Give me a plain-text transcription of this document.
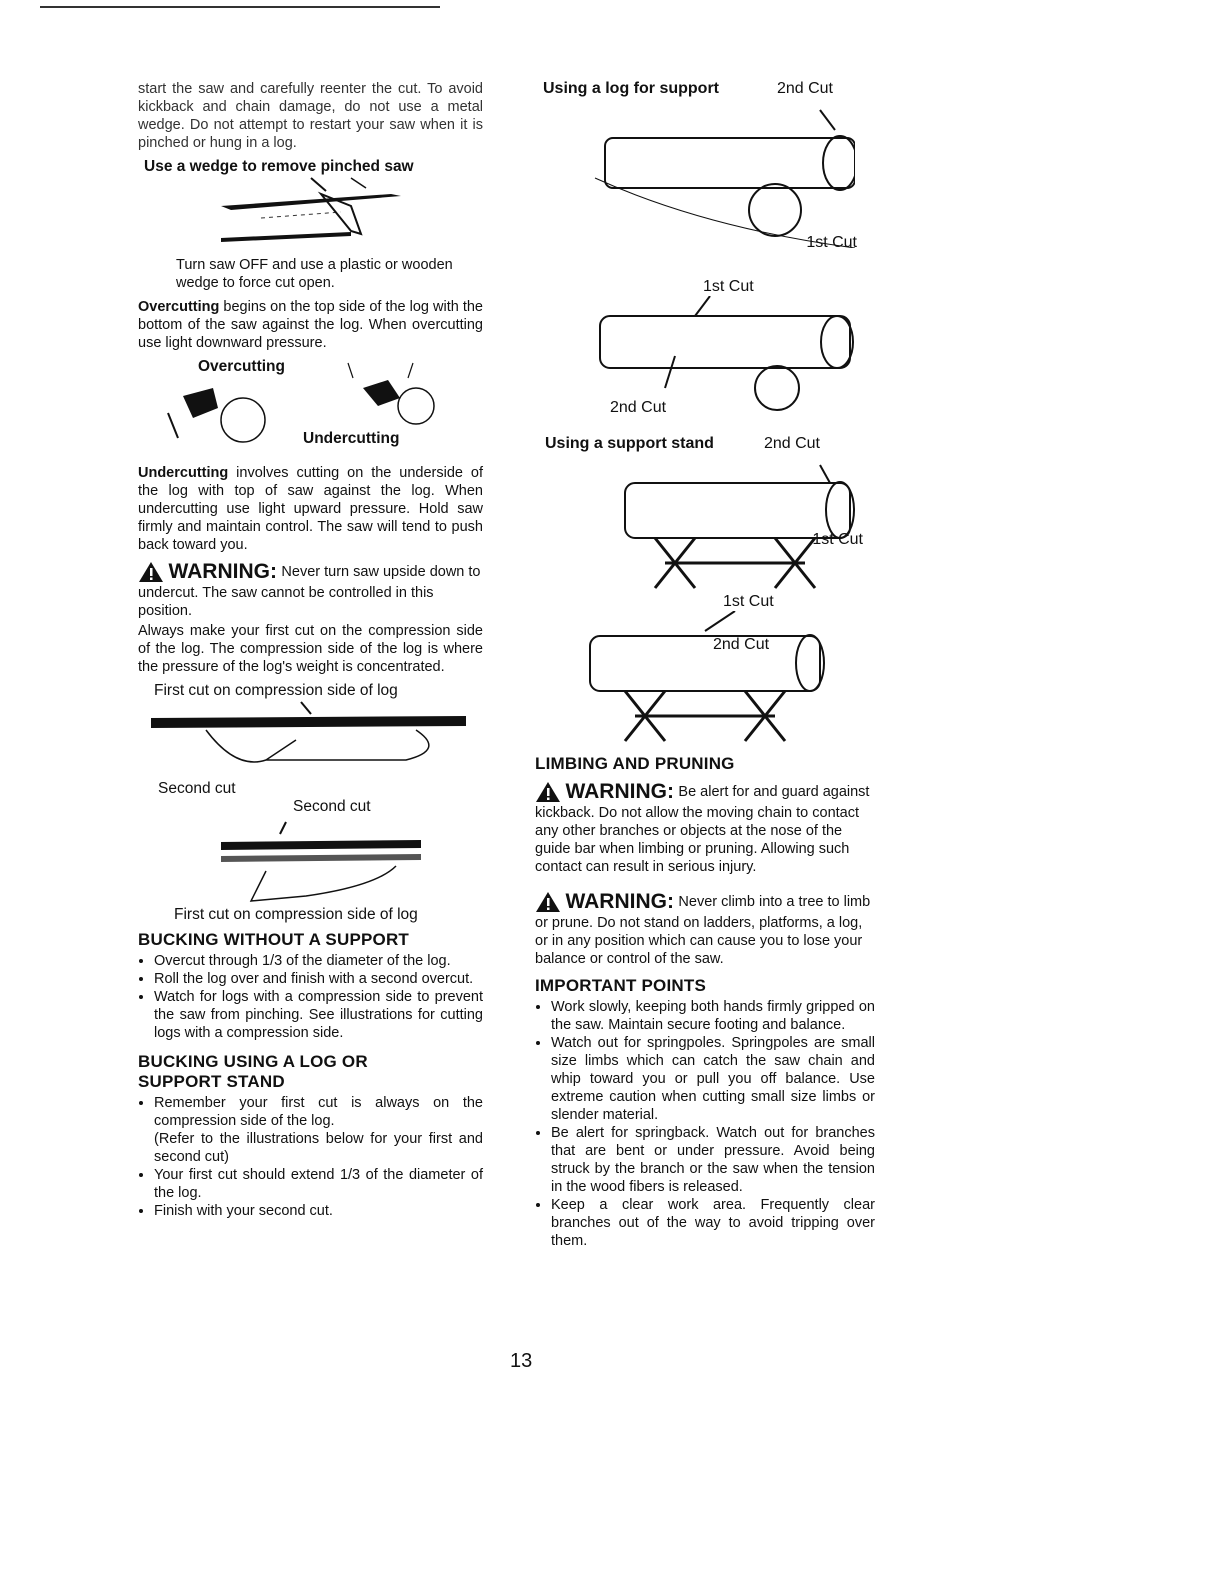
start the saw and carefully reenter the cut. To avoid kickback and chain damage, do not use a metal wedge. Do not attempt to restart your saw when it is pinched or hung in a log.

Use a wedge to remove pinched saw

Turn saw OFF and use a plastic or wooden wedge to force cut open.

Overcutting begins on the top side of the log with the bottom of the saw against the log. When overcutting use light downward pressure.

Overcutting
Undercutting

Undercutting involves cutting on the underside of the log with top of saw against the log. When undercutting use light upward pressure. Hold saw firmly and maintain control. The saw will tend to push back toward you.

WARNING: Never turn saw upside down to undercut. The saw cannot be controlled in this position.

Always make your first cut on the compression side of the log. The compression side of the log is where the pressure of the log's weight is concentrated.

First cut on compression side of log
Second cut
Second cut
First cut on compression side of log
BUCKING WITHOUT A SUPPORT
• Overcut through 1/3 of the diameter of the log.
• Roll the log over and finish with a second overcut.
• Watch for logs with a compression side to prevent the saw from pinching. See illustrations for cutting logs with a compression side.
BUCKING USING A LOG OR
SUPPORT STAND
• Remember your first cut is always on the compression side of the log.
(Refer to the illustrations below for your first and second cut)
• Your first cut should extend 1/3 of the diameter of the log.
• Finish with your second cut.
Using a log for support	2nd Cut
1st Cut
1st Cut
2nd Cut
Using a support stand	2nd Cut
1st Cut
1st Cut
2nd Cut
LIMBING AND PRUNING
WARNING: Be alert for and guard against kickback. Do not allow the moving chain to contact any other branches or objects at the nose of the guide bar when limbing or pruning. Allowing such contact can result in serious injury.
WARNING: Never climb into a tree to limb or prune. Do not stand on ladders, platforms, a log, or in any position which can cause you to lose your balance or control of the saw.
IMPORTANT POINTS
• Work slowly, keeping both hands firmly gripped on the saw. Maintain secure footing and balance.
• Watch out for springpoles. Springpoles are small size limbs which can catch the saw chain and whip toward you or pull you off balance. Use extreme caution when cutting small size limbs or slender material.
• Be alert for springback. Watch out for branches that are bent or under pressure. Avoid being struck by the branch or the saw when the tension in the wood fibers is released.
• Keep a clear work area. Frequently clear branches out of the way to avoid tripping over them.
13
